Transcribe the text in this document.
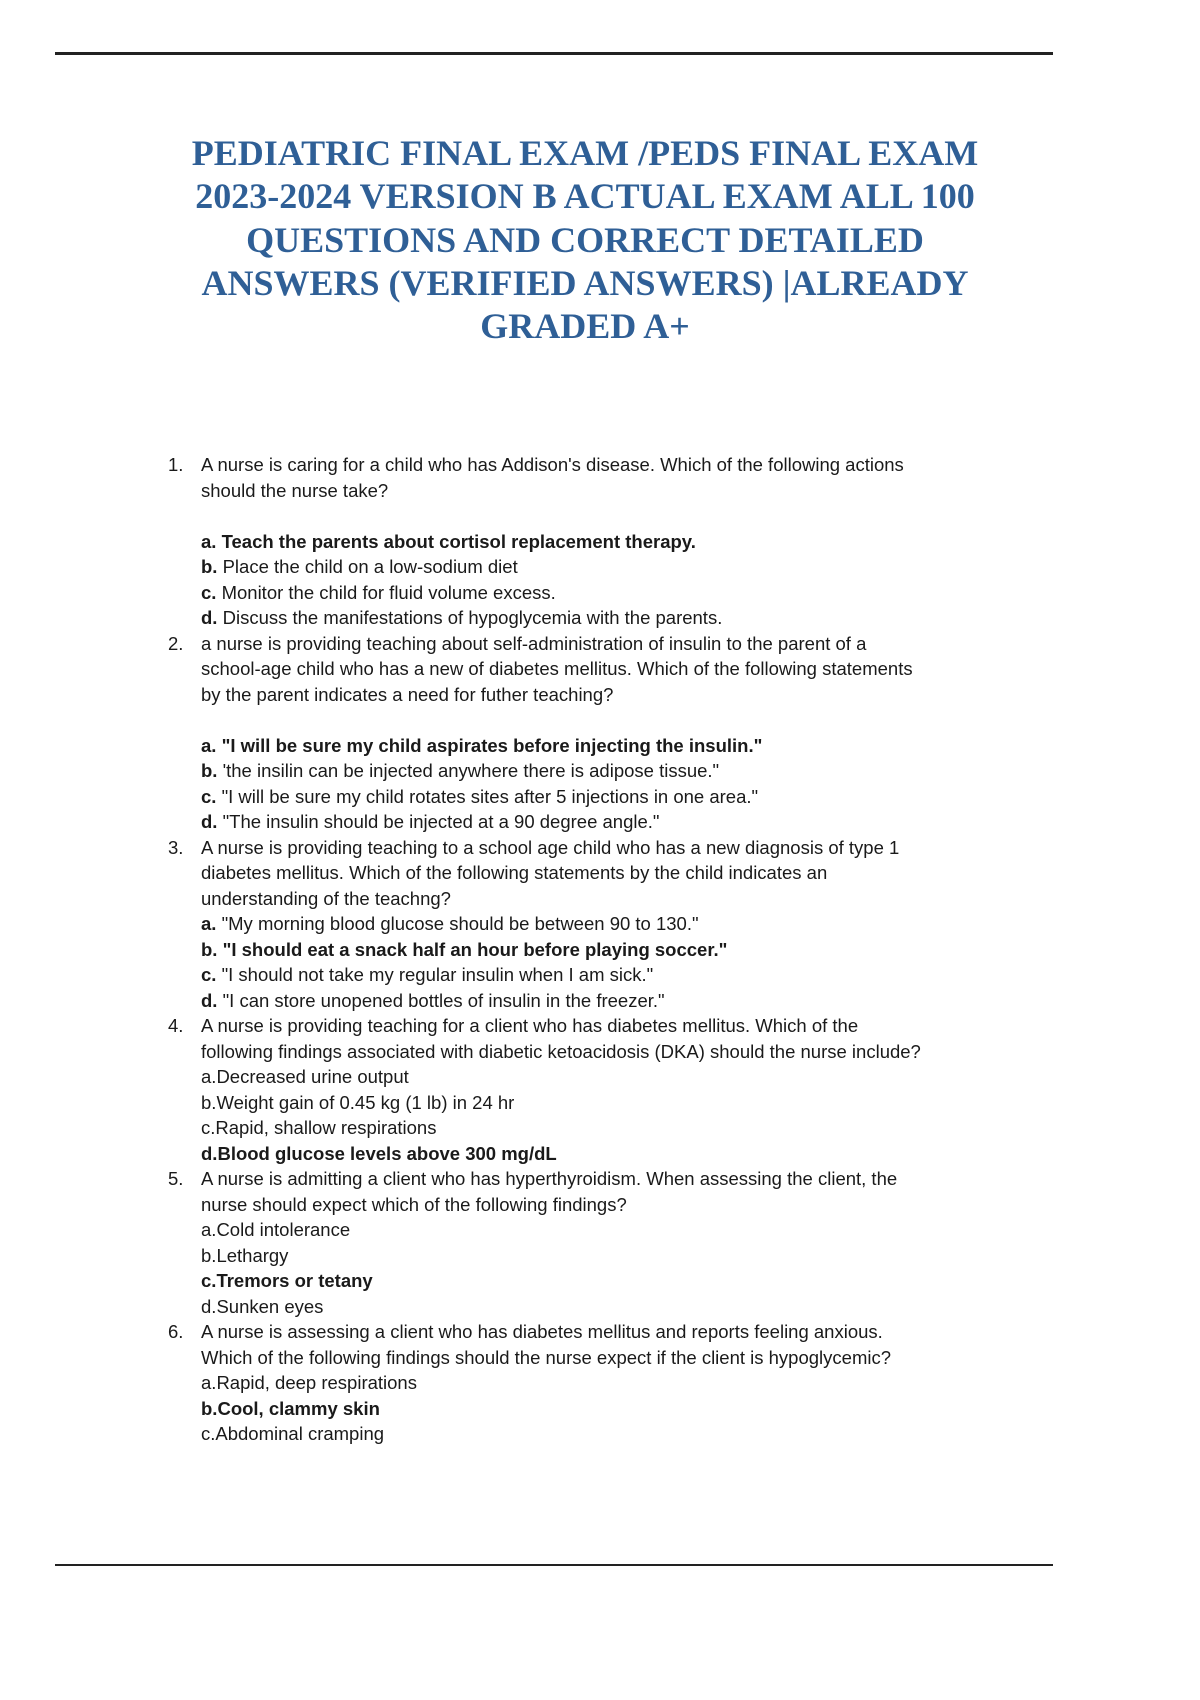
PEDIATRIC FINAL EXAM /PEDS FINAL EXAM
2023-2024 VERSION B ACTUAL EXAM ALL 100
QUESTIONS AND CORRECT DETAILED
ANSWERS (VERIFIED ANSWERS) |ALREADY
GRADED A+
1. A nurse is caring for a child who has Addison's disease. Which of the following actions
should the nurse take?
a. Teach the parents about cortisol replacement therapy.
b. Place the child on a low-sodium diet
c. Monitor the child for fluid volume excess.
d. Discuss the manifestations of hypoglycemia with the parents.
2. a nurse is providing teaching about self-administration of insulin to the parent of a
school-age child who has a new of diabetes mellitus. Which of the following statements
by the parent indicates a need for futher teaching?
a. "I will be sure my child aspirates before injecting the insulin."
b. 'the insilin can be injected anywhere there is adipose tissue."
c. "I will be sure my child rotates sites after 5 injections in one area."
d. "The insulin should be injected at a 90 degree angle."
3. A nurse is providing teaching to a school age child who has a new diagnosis of type 1
diabetes mellitus. Which of the following statements by the child indicates an
understanding of the teachng?
a. "My morning blood glucose should be between 90 to 130."
b. "I should eat a snack half an hour before playing soccer."
c. "I should not take my regular insulin when I am sick."
d. "I can store unopened bottles of insulin in the freezer."
4. A nurse is providing teaching for a client who has diabetes mellitus. Which of the
following findings associated with diabetic ketoacidosis (DKA) should the nurse include?
a.Decreased urine output
b.Weight gain of 0.45 kg (1 lb) in 24 hr
c.Rapid, shallow respirations
d.Blood glucose levels above 300 mg/dL
5. A nurse is admitting a client who has hyperthyroidism. When assessing the client, the
nurse should expect which of the following findings?
a.Cold intolerance
b.Lethargy
c.Tremors or tetany
d.Sunken eyes
6. A nurse is assessing a client who has diabetes mellitus and reports feeling anxious.
Which of the following findings should the nurse expect if the client is hypoglycemic?
a.Rapid, deep respirations
b.Cool, clammy skin
c.Abdominal cramping
